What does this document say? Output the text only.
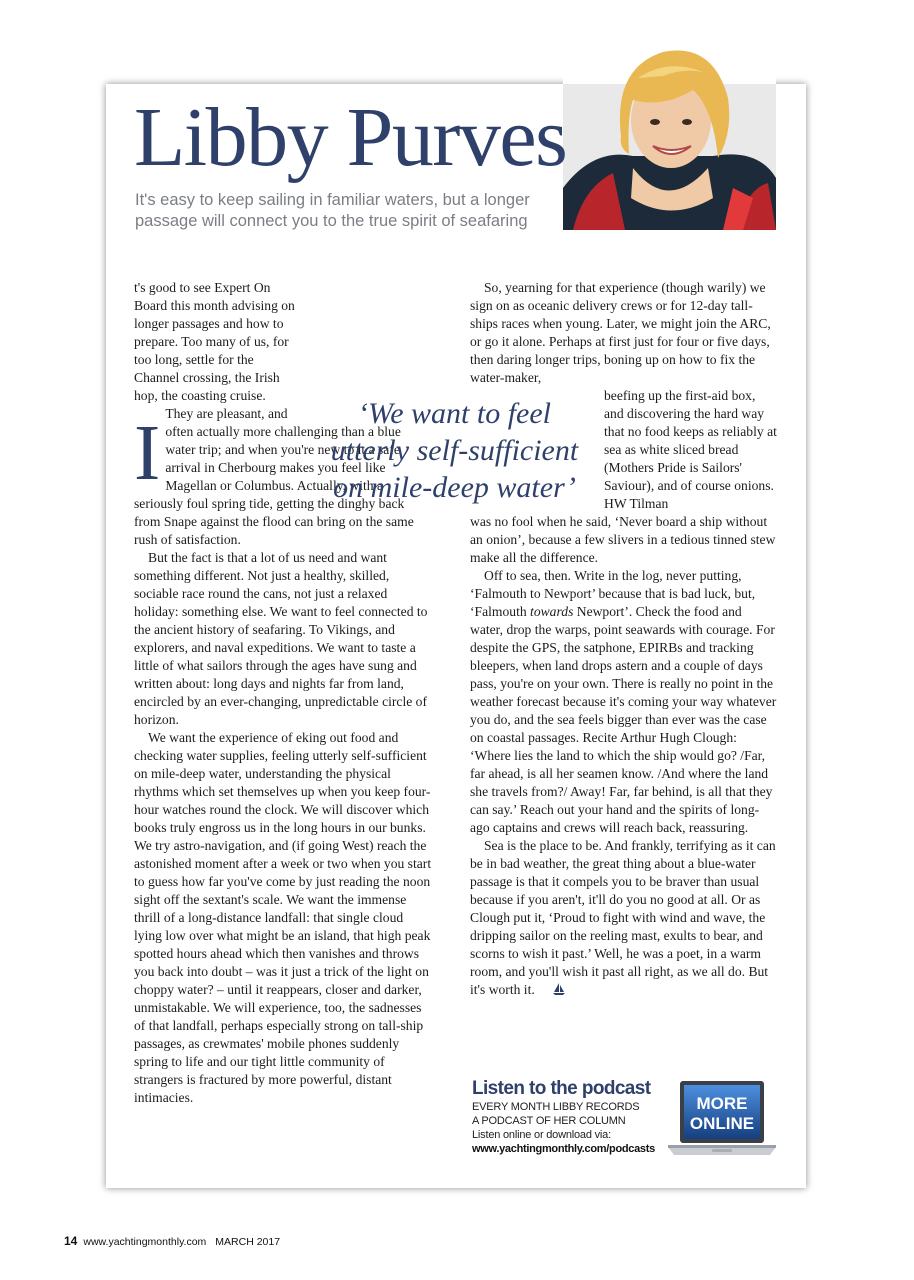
Libby Purves

It's easy to keep sailing in familiar waters, but a longer passage will connect you to the true spirit of seafaring

I
t's good to see Expert On Board this month advising on longer passages and how to prepare. Too many of us, for too long, settle for the Channel crossing, the Irish hop, the coasting cruise. They are pleasant, and often actually more challenging than a blue water trip; and when you're new to it a safe arrival in Cherbourg makes you feel like Magellan or Columbus. Actually, with a seriously foul spring tide, getting the dinghy back

from Snape against the flood can bring on the same rush of satisfaction.

But the fact is that a lot of us need and want something different. Not just a healthy, skilled, sociable race round the cans, not just a relaxed holiday: something else. We want to feel connected to the ancient history of seafaring. To Vikings, and explorers, and naval expeditions. We want to taste a little of what sailors through the ages have sung and written about: long days and nights far from land, encircled by an ever-changing, unpredictable circle of horizon.

We want the experience of eking out food and checking water supplies, feeling utterly self-sufficient on mile-deep water, understanding the physical rhythms which set themselves up when you keep four-hour watches round the clock. We will discover which books truly engross us in the long hours in our bunks. We try astro-navigation, and (if going West) reach the astonished moment after a week or two when you start to guess how far you've come by just reading the noon sight off the sextant's scale. We want the immense thrill of a long-distance landfall: that single cloud lying low over what might be an island, that high peak spotted hours ahead which then vanishes and throws you back into doubt – was it just a trick of the light on choppy water? – until it reappears, closer and darker, unmistakable. We will experience, too, the sadnesses of that landfall, perhaps especially strong on tall-ship passages, as crewmates' mobile phones suddenly spring to life and our tight little community of strangers is fractured by more powerful, distant intimacies.

So, yearning for that experience (though warily) we sign on as oceanic delivery crews or for 12-day tall-ships races when young. Later, we might join the ARC, or go it alone. Perhaps at first just for four or five days, then daring longer trips, boning up on how to fix the water-maker,

beefing up the first-aid box, and discovering the hard way that no food keeps as reliably at sea as white sliced bread (Mothers Pride is Sailors' Saviour), and of course onions. HW Tilman

was no fool when he said, ‘Never board a ship without an onion’, because a few slivers in a tedious tinned stew make all the difference.

Off to sea, then. Write in the log, never putting, ‘Falmouth to Newport’ because that is bad luck, but, ‘Falmouth towards Newport’. Check the food and water, drop the warps, point seawards with courage. For despite the GPS, the satphone, EPIRBs and tracking bleepers, when land drops astern and a couple of days pass, you're on your own. There is really no point in the weather forecast because it's coming your way whatever you do, and the sea feels bigger than ever was the case on coastal passages. Recite Arthur Hugh Clough: ‘Where lies the land to which the ship would go? /Far, far ahead, is all her seamen know. /And where the land she travels from?/ Away! Far, far behind, is all that they can say.’ Reach out your hand and the spirits of long-ago captains and crews will reach back, reassuring.

Sea is the place to be. And frankly, terrifying as it can be in bad weather, the great thing about a blue-water passage is that it compels you to be braver than usual because if you aren't, it'll do you no good at all. Or as Clough put it, ‘Proud to fight with wind and wave, the dripping sailor on the reeling mast, exults to bear, and scorns to wish it past.’ Well, he was a poet, in a warm room, and you'll wish it past all right, as we all do. But it's worth it.

‘We want to feel
utterly self-sufficient
on mile-deep water’
Listen to the podcast
EVERY MONTH LIBBY RECORDS
A PODCAST OF HER COLUMN
Listen online or download via:
www.yachtingmonthly.com/podcasts
MORE
ONLINE
14 www.yachtingmonthly.com MARCH 2017
